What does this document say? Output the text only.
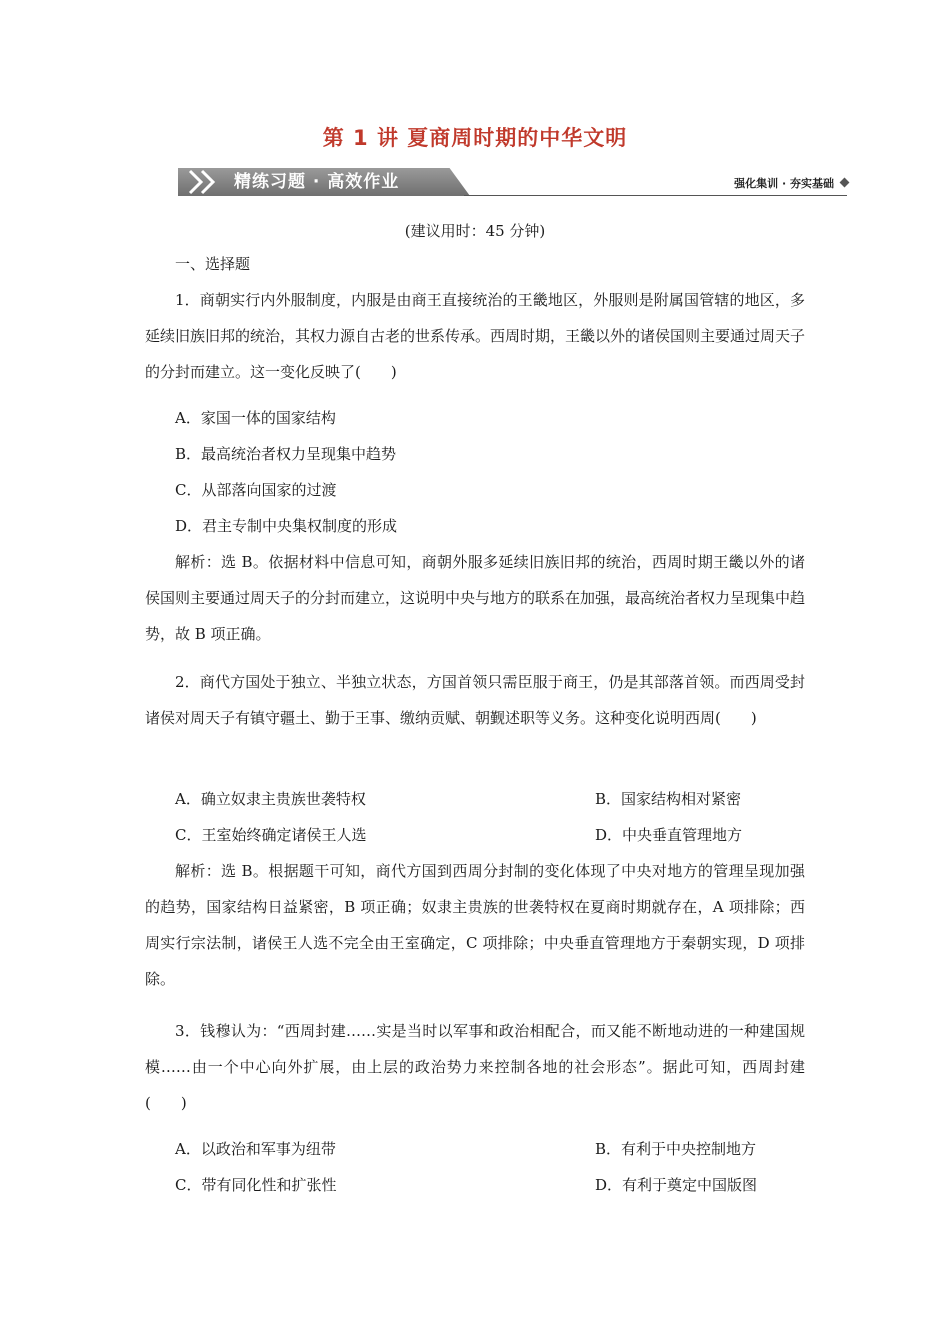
第 1 讲 夏商周时期的中华文明
精练习题 · 高效作业	强化集训 · 夯实基础
(建议用时：45 分钟)
一、选择题

1．商朝实行内外服制度，内服是由商王直接统治的王畿地区，外服则是附属国管辖的地区，多延续旧族旧邦的统治，其权力源自古老的世系传承。西周时期，王畿以外的诸侯国则主要通过周天子的分封而建立。这一变化反映了(　　)

A．家国一体的国家结构
B．最高统治者权力呈现集中趋势
C．从部落向国家的过渡
D．君主专制中央集权制度的形成

解析：选 B。依据材料中信息可知，商朝外服多延续旧族旧邦的统治，西周时期王畿以外的诸侯国则主要通过周天子的分封而建立，这说明中央与地方的联系在加强，最高统治者权力呈现集中趋势，故 B 项正确。

2．商代方国处于独立、半独立状态，方国首领只需臣服于商王，仍是其部落首领。而西周受封诸侯对周天子有镇守疆土、勤于王事、缴纳贡赋、朝觐述职等义务。这种变化说明西周(　　)

A．确立奴隶主贵族世袭特权	B．国家结构相对紧密
C．王室始终确定诸侯王人选	D．中央垂直管理地方

解析：选 B。根据题干可知，商代方国到西周分封制的变化体现了中央对地方的管理呈现加强的趋势，国家结构日益紧密，B 项正确；奴隶主贵族的世袭特权在夏商时期就存在，A 项排除；西周实行宗法制，诸侯王人选不完全由王室确定，C 项排除；中央垂直管理地方于秦朝实现，D 项排除。

3．钱穆认为：“西周封建……实是当时以军事和政治相配合，而又能不断地动进的一种建国规模……由一个中心向外扩展，由上层的政治势力来控制各地的社会形态”。据此可知，西周封建(　　)

A．以政治和军事为纽带	B．有利于中央控制地方
C．带有同化性和扩张性	D．有利于奠定中国版图
